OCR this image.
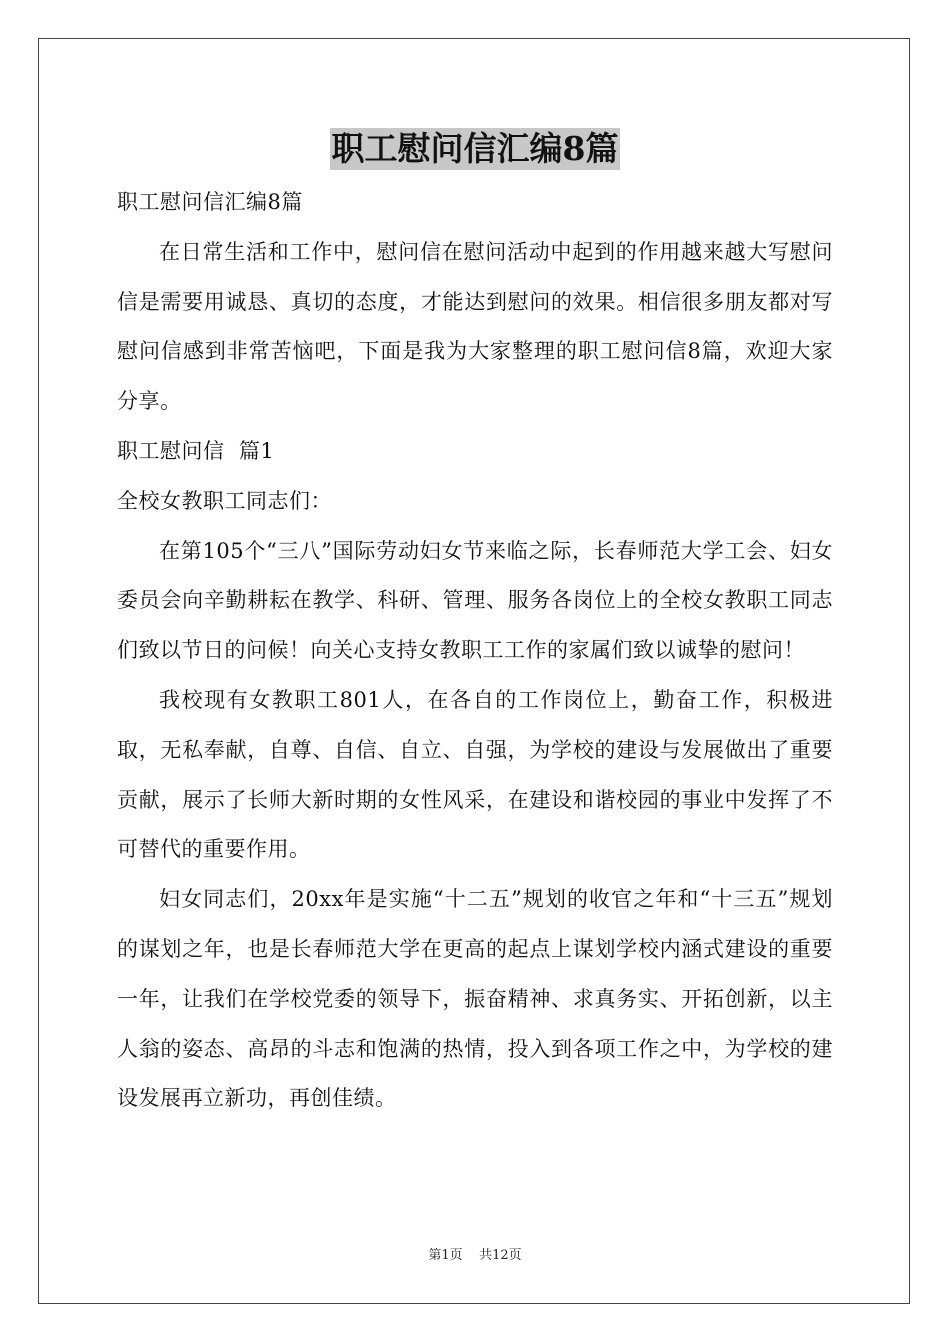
职工慰问信汇编8篇

职工慰问信汇编8篇

在日常生活和工作中，慰问信在慰问活动中起到的作用越来越大写慰问信是需要用诚恳、真切的态度，才能达到慰问的效果。相信很多朋友都对写慰问信感到非常苦恼吧，下面是我为大家整理的职工慰问信8篇，欢迎大家分享。

职工慰问信  篇1

全校女教职工同志们：

在第105个“三八”国际劳动妇女节来临之际，长春师范大学工会、妇女委员会向辛勤耕耘在教学、科研、管理、服务各岗位上的全校女教职工同志们致以节日的问候！向关心支持女教职工工作的家属们致以诚挚的慰问！

我校现有女教职工801人，在各自的工作岗位上，勤奋工作，积极进取，无私奉献，自尊、自信、自立、自强，为学校的建设与发展做出了重要贡献，展示了长师大新时期的女性风采，在建设和谐校园的事业中发挥了不可替代的重要作用。

妇女同志们，20xx年是实施“十二五”规划的收官之年和“十三五”规划的谋划之年，也是长春师范大学在更高的起点上谋划学校内涵式建设的重要一年，让我们在学校党委的领导下，振奋精神、求真务实、开拓创新，以主人翁的姿态、高昂的斗志和饱满的热情，投入到各项工作之中，为学校的建设发展再立新功，再创佳绩。

第1页 共12页
